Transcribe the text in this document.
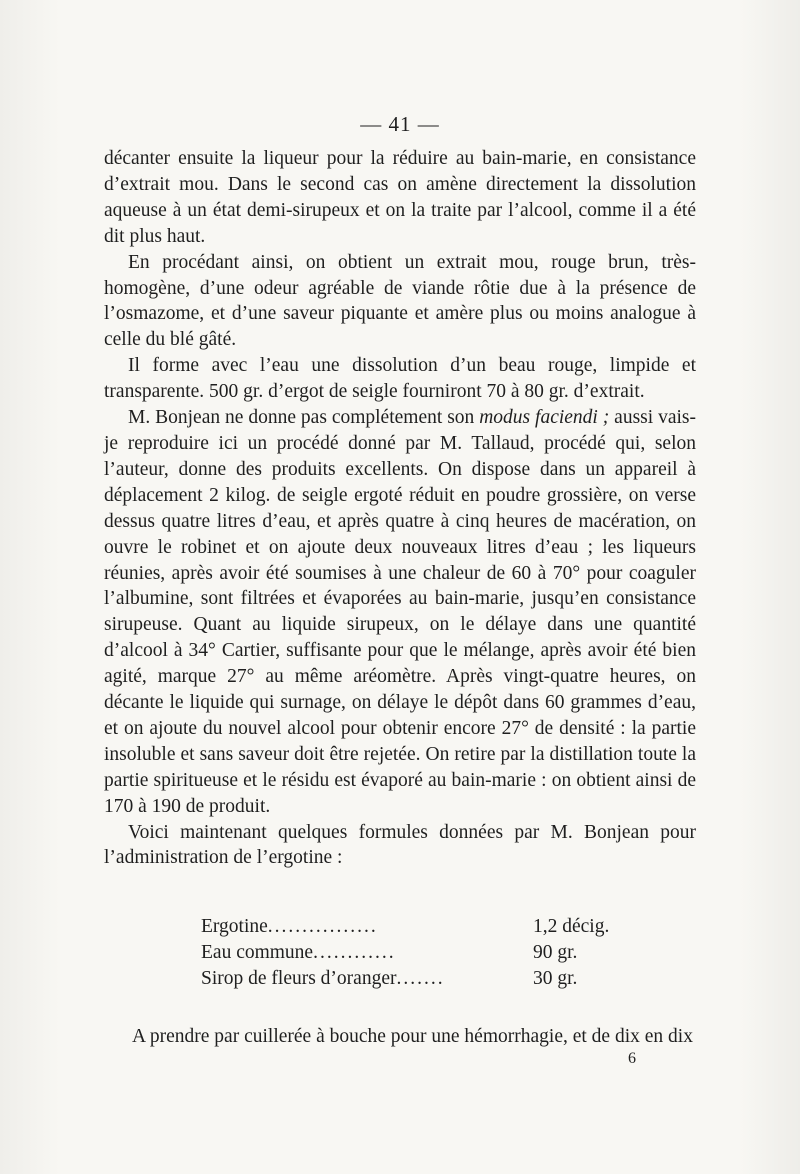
— 41 —

décanter ensuite la liqueur pour la réduire au bain-marie, en consistance d’extrait mou. Dans le second cas on amène directement la dissolution aqueuse à un état demi-sirupeux et on la traite par l’alcool, comme il a été dit plus haut.

En procédant ainsi, on obtient un extrait mou, rouge brun, très-homogène, d’une odeur agréable de viande rôtie due à la présence de l’osmazome, et d’une saveur piquante et amère plus ou moins analogue à celle du blé gâté.

Il forme avec l’eau une dissolution d’un beau rouge, limpide et transparente. 500 gr. d’ergot de seigle fourniront 70 à 80 gr. d’extrait.

M. Bonjean ne donne pas complétement son modus faciendi ; aussi vais-je reproduire ici un procédé donné par M. Tallaud, procédé qui, selon l’auteur, donne des produits excellents. On dispose dans un appareil à déplacement 2 kilog. de seigle ergoté réduit en poudre grossière, on verse dessus quatre litres d’eau, et après quatre à cinq heures de macération, on ouvre le robinet et on ajoute deux nouveaux litres d’eau ; les liqueurs réunies, après avoir été soumises à une chaleur de 60 à 70° pour coaguler l’albumine, sont filtrées et évaporées au bain-marie, jusqu’en consistance sirupeuse. Quant au liquide sirupeux, on le délaye dans une quantité d’alcool à 34° Cartier, suffisante pour que le mélange, après avoir été bien agité, marque 27° au même aréomètre. Après vingt-quatre heures, on décante le liquide qui surnage, on délaye le dépôt dans 60 grammes d’eau, et on ajoute du nouvel alcool pour obtenir encore 27° de densité : la partie insoluble et sans saveur doit être rejetée. On retire par la distillation toute la partie spiritueuse et le résidu est évaporé au bain-marie : on obtient ainsi de 170 à 190 de produit.

Voici maintenant quelques formules données par M. Bonjean pour l’administration de l’ergotine :

Ergotine................	1,2 décig.
Eau commune............	90 gr.
Sirop de fleurs d’oranger.......	30 gr.
A prendre par cuillerée à bouche pour une hémorrhagie, et de dix en dix
6
